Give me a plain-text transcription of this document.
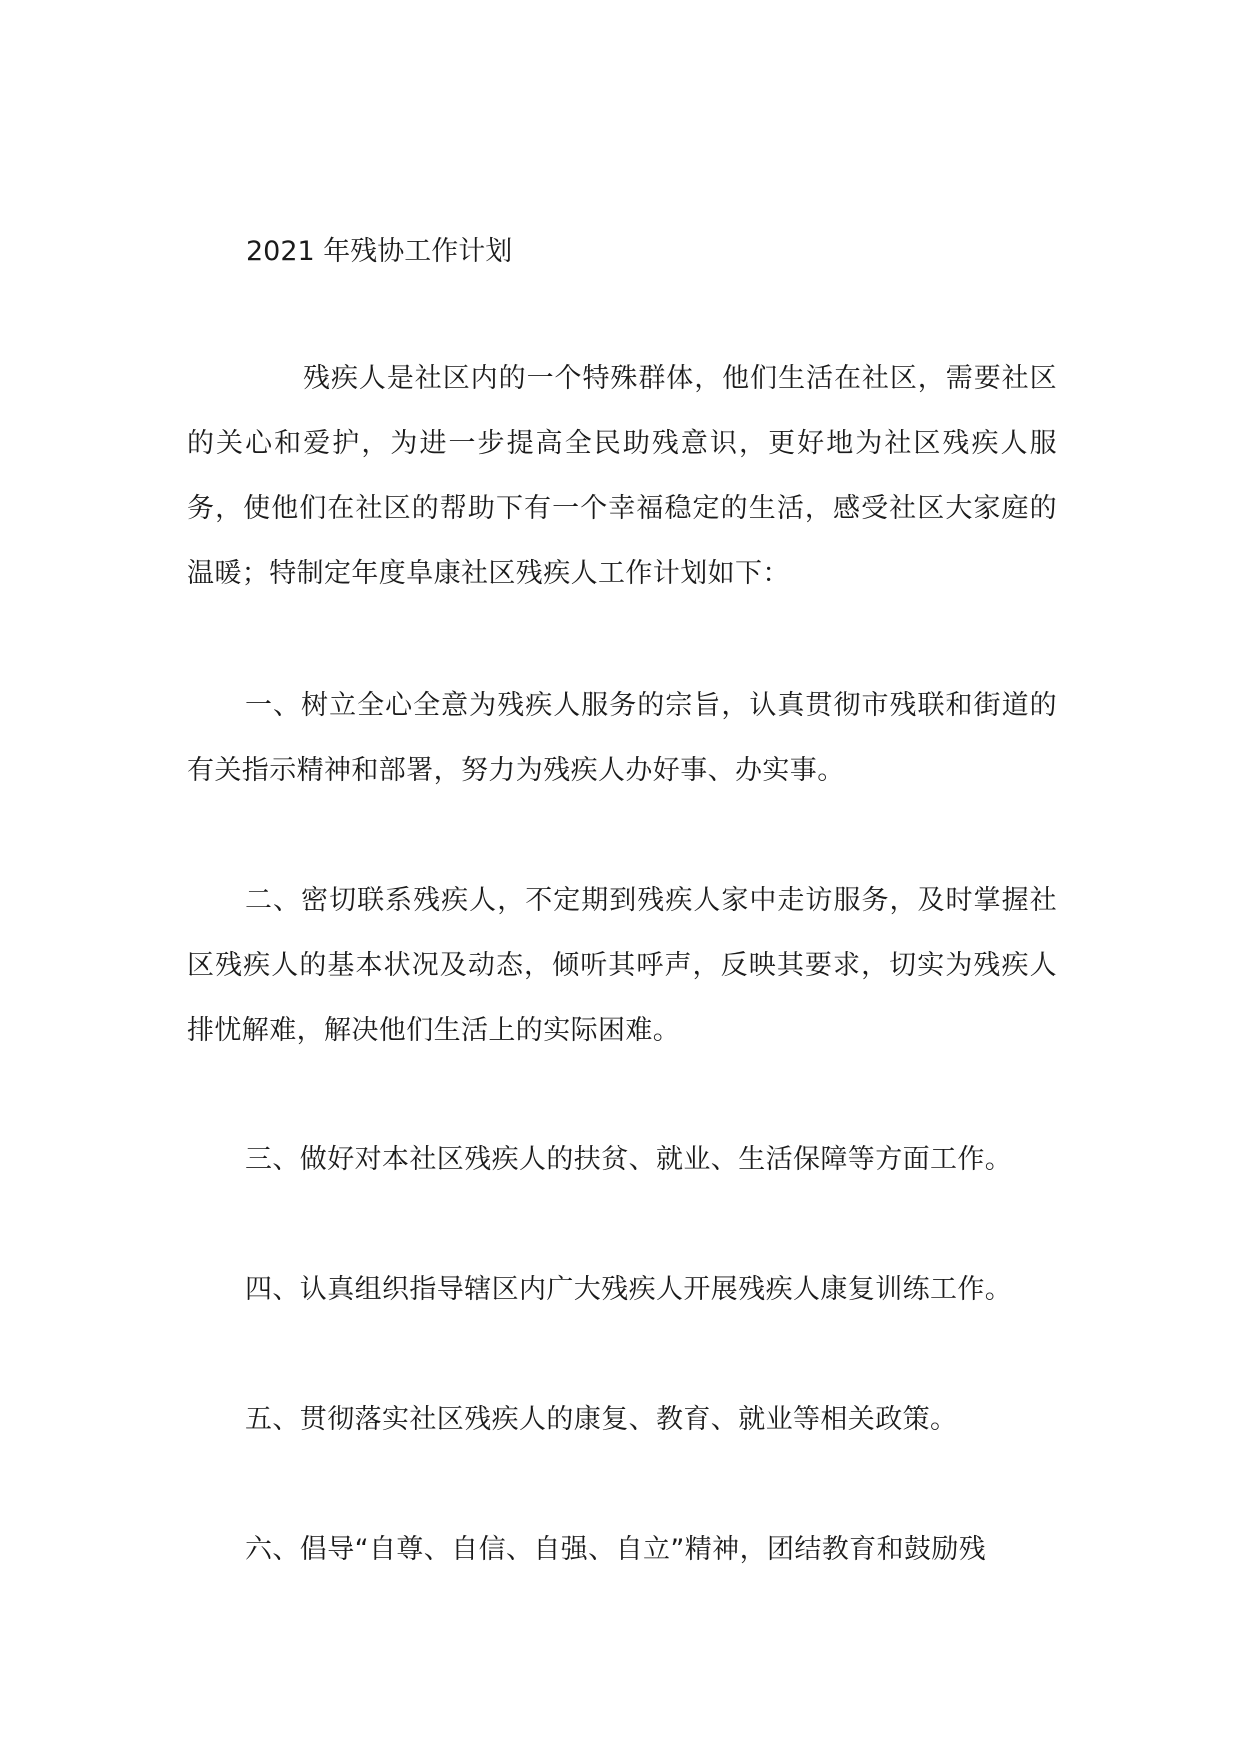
2021 年残协工作计划

残疾人是社区内的一个特殊群体，他们生活在社区，需要社区的关心和爱护，为进一步提高全民助残意识，更好地为社区残疾人服务，使他们在社区的帮助下有一个幸福稳定的生活，感受社区大家庭的温暖；特制定年度阜康社区残疾人工作计划如下：

一、树立全心全意为残疾人服务的宗旨，认真贯彻市残联和街道的有关指示精神和部署，努力为残疾人办好事、办实事。

二、密切联系残疾人，不定期到残疾人家中走访服务，及时掌握社区残疾人的基本状况及动态，倾听其呼声，反映其要求，切实为残疾人排忧解难，解决他们生活上的实际困难。

三、做好对本社区残疾人的扶贫、就业、生活保障等方面工作。

四、认真组织指导辖区内广大残疾人开展残疾人康复训练工作。

五、贯彻落实社区残疾人的康复、教育、就业等相关政策。

六、倡导“自尊、自信、自强、自立”精神，团结教育和鼓励残
